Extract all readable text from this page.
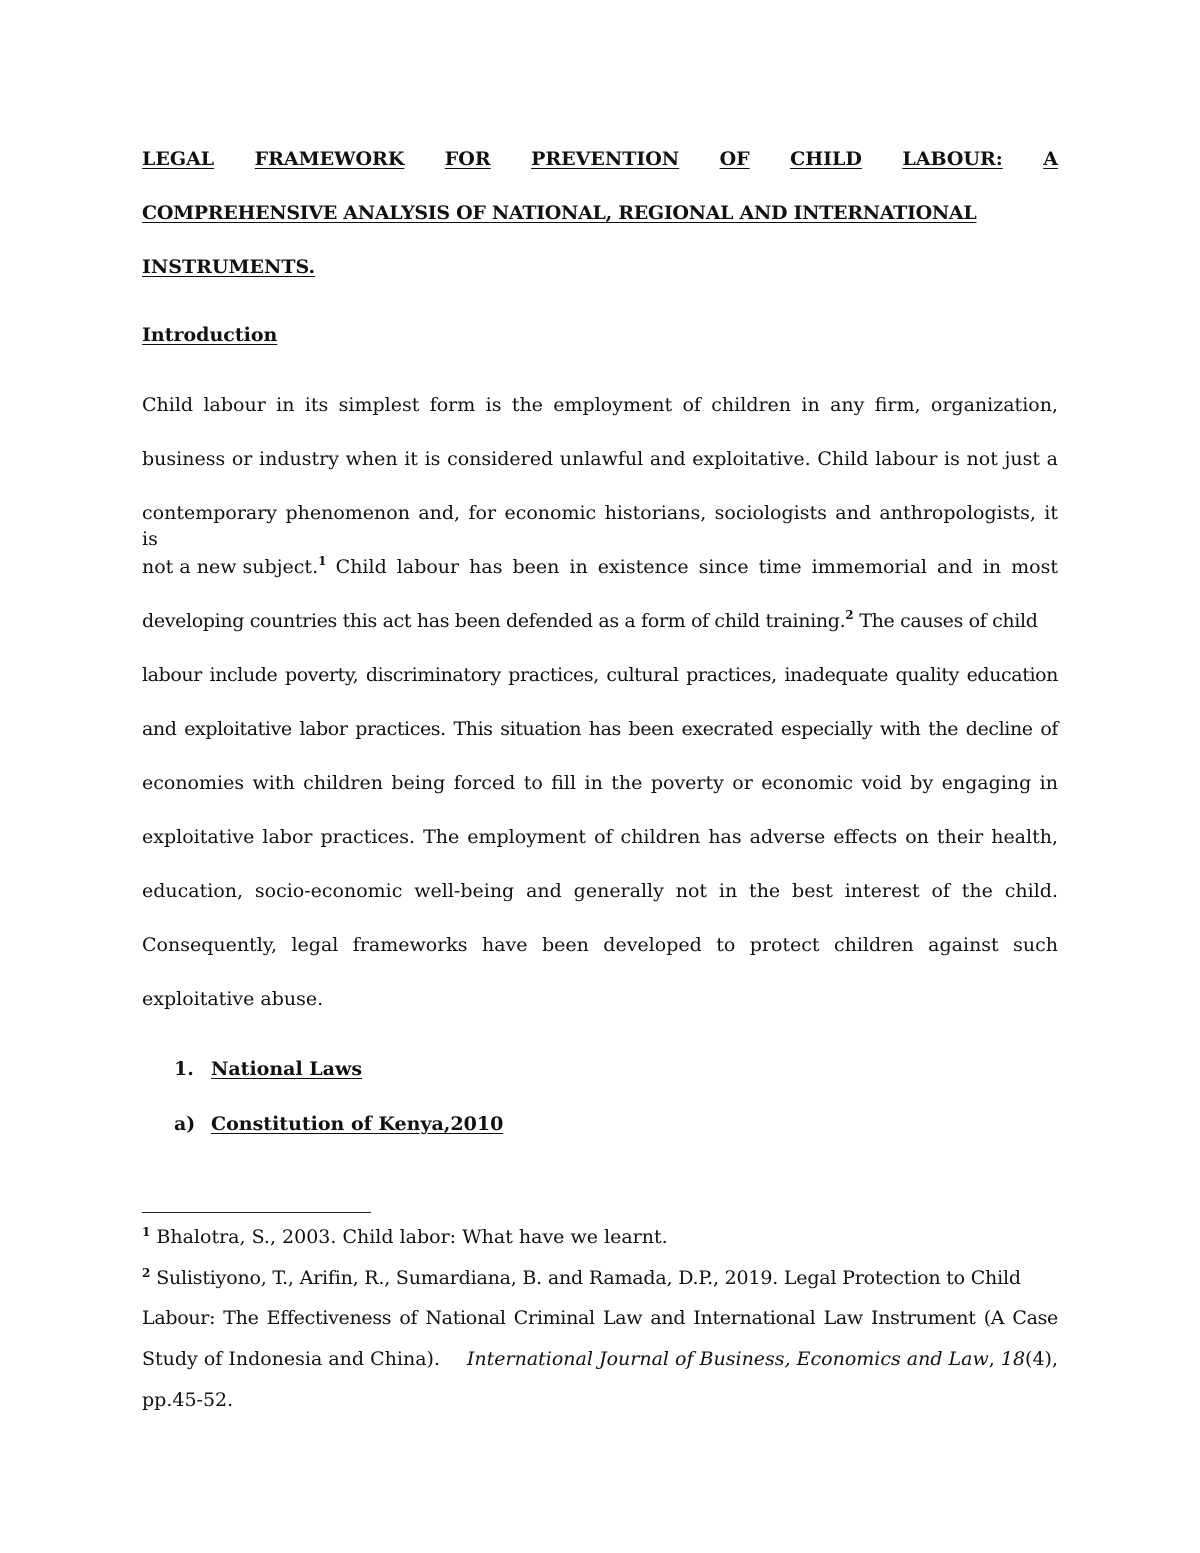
LEGAL FRAMEWORK FOR PREVENTION OF CHILD LABOUR: A
COMPREHENSIVE ANALYSIS OF NATIONAL, REGIONAL AND INTERNATIONAL
INSTRUMENTS.
Introduction
Child labour in its simplest form is the employment of children in any firm, organization,
business or industry when it is considered unlawful and exploitative. Child labour is not just a
contemporary phenomenon and, for economic historians, sociologists and anthropologists, it is
not a new subject.$^1$ Child labour has been in existence since time immemorial and in most
developing countries this act has been defended as a form of child training.$^2$ The causes of child
labour include poverty, discriminatory practices, cultural practices, inadequate quality education
and exploitative labor practices. This situation has been execrated especially with the decline of
economies with children being forced to fill in the poverty or economic void by engaging in
exploitative labor practices. The employment of children has adverse effects on their health,
education, socio-economic well-being and generally not in the best interest of the child.
Consequently, legal frameworks have been developed to protect children against such
exploitative abuse.
1. National Laws
a) Constitution of Kenya,2010
$^1$ Bhalotra, S., 2003. Child labor: What have we learnt.
$^2$ Sulistiyono, T., Arifin, R., Sumardiana, B. and Ramada, D.P., 2019. Legal Protection to Child
Labour: The Effectiveness of National Criminal Law and International Law Instrument (A Case
Study of Indonesia and China). International Journal of Business, Economics and Law, 18(4),
pp.45-52.
